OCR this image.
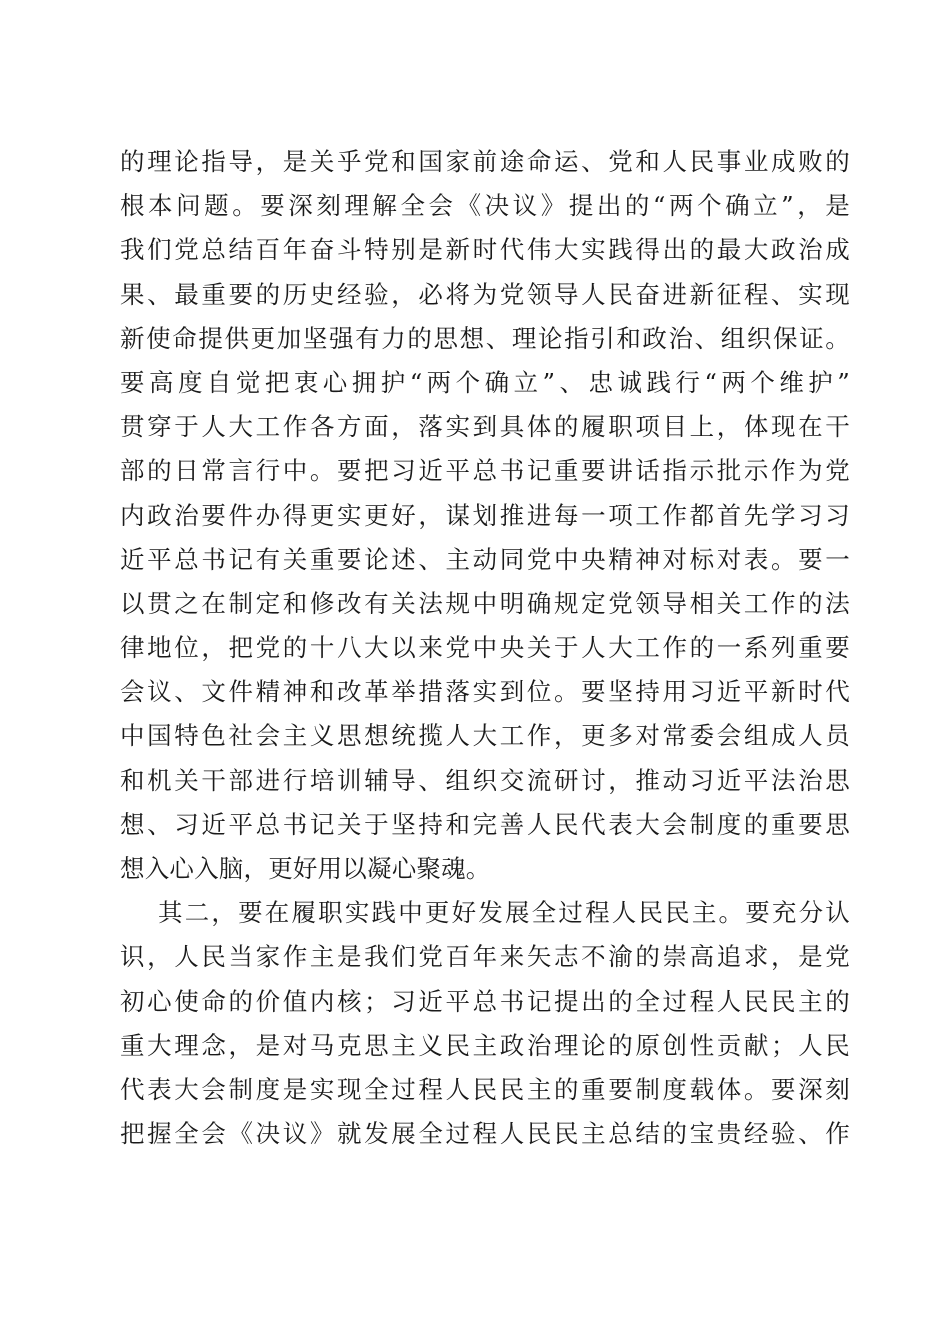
的理论指导，是关乎党和国家前途命运、党和人民事业成败的
根本问题。要深刻理解全会《决议》提出的“两个确立”，是
我们党总结百年奋斗特别是新时代伟大实践得出的最大政治成
果、最重要的历史经验，必将为党领导人民奋进新征程、实现
新使命提供更加坚强有力的思想、理论指引和政治、组织保证。
要高度自觉把衷心拥护“两个确立”、忠诚践行“两个维护”
贯穿于人大工作各方面，落实到具体的履职项目上，体现在干
部的日常言行中。要把习近平总书记重要讲话指示批示作为党
内政治要件办得更实更好，谋划推进每一项工作都首先学习习
近平总书记有关重要论述、主动同党中央精神对标对表。要一
以贯之在制定和修改有关法规中明确规定党领导相关工作的法
律地位，把党的十八大以来党中央关于人大工作的一系列重要
会议、文件精神和改革举措落实到位。要坚持用习近平新时代
中国特色社会主义思想统揽人大工作，更多对常委会组成人员
和机关干部进行培训辅导、组织交流研讨，推动习近平法治思
想、习近平总书记关于坚持和完善人民代表大会制度的重要思
想入心入脑，更好用以凝心聚魂。
其二，要在履职实践中更好发展全过程人民民主。要充分认
识，人民当家作主是我们党百年来矢志不渝的崇高追求，是党
初心使命的价值内核；习近平总书记提出的全过程人民民主的
重大理念，是对马克思主义民主政治理论的原创性贡献；人民
代表大会制度是实现全过程人民民主的重要制度载体。要深刻
把握全会《决议》就发展全过程人民民主总结的宝贵经验、作
